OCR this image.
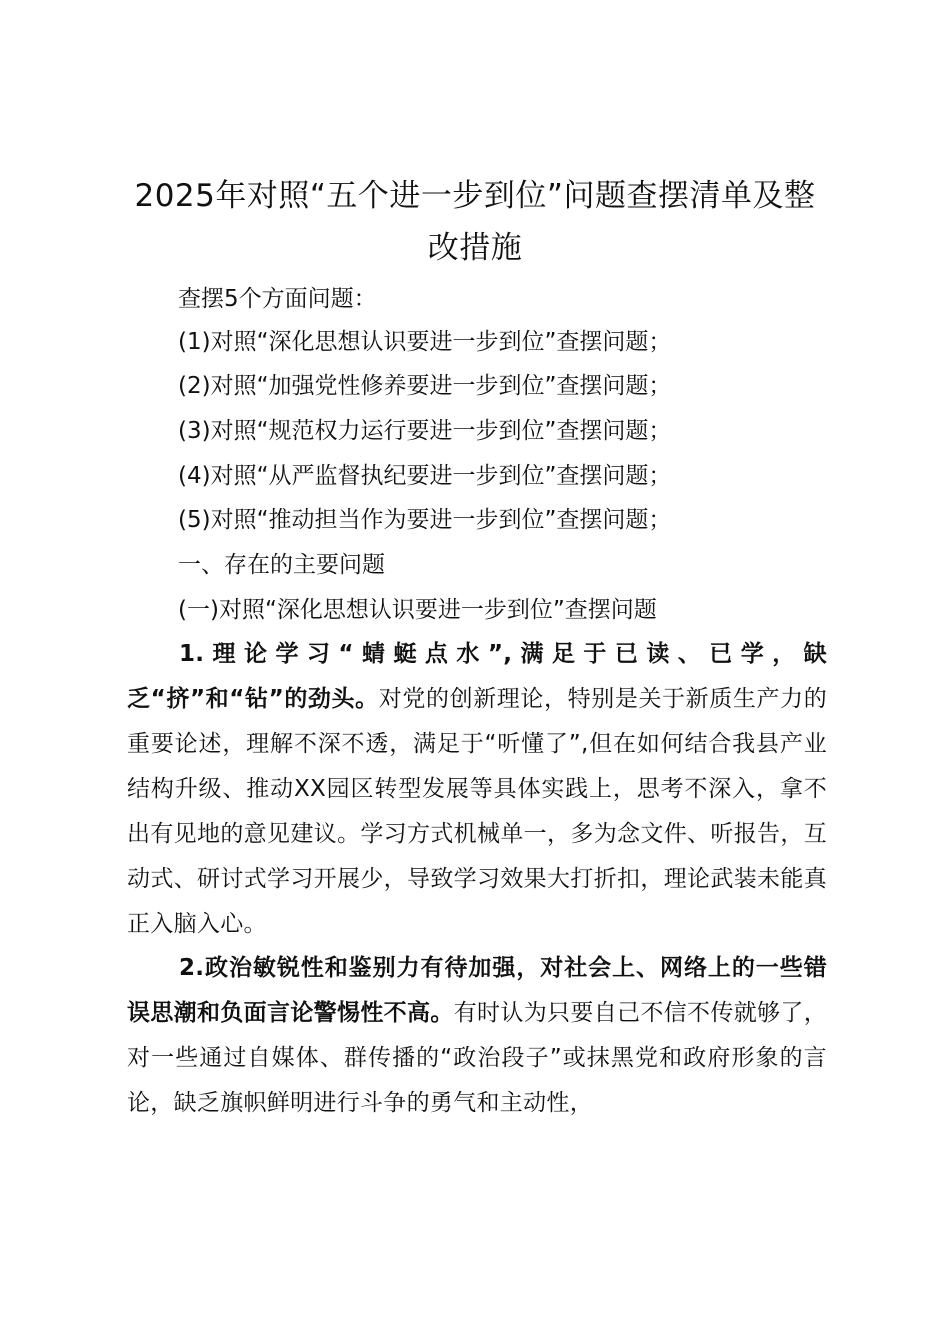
2025年对照“五个进一步到位”问题查摆清单及整改措施
查摆5个方面问题：
(1)对照“深化思想认识要进一步到位”查摆问题；
(2)对照“加强党性修养要进一步到位”查摆问题；
(3)对照“规范权力运行要进一步到位”查摆问题；
(4)对照“从严监督执纪要进一步到位”查摆问题；
(5)对照“推动担当作为要进一步到位”查摆问题；
一、存在的主要问题
(一)对照“深化思想认识要进一步到位”查摆问题
1.理论学习“蜻蜓点水”,满足于已读、已学，缺乏“挤”和“钻”的劲头。对党的创新理论，特别是关于新质生产力的重要论述，理解不深不透，满足于“听懂了”,但在如何结合我县产业结构升级、推动XX园区转型发展等具体实践上，思考不深入，拿不出有见地的意见建议。学习方式机械单一，多为念文件、听报告，互动式、研讨式学习开展少，导致学习效果大打折扣，理论武装未能真正入脑入心。
2.政治敏锐性和鉴别力有待加强，对社会上、网络上的一些错误思潮和负面言论警惕性不高。有时认为只要自己不信不传就够了，对一些通过自媒体、群传播的“政治段子”或抹黑党和政府形象的言论，缺乏旗帜鲜明进行斗争的勇气和主动性，
